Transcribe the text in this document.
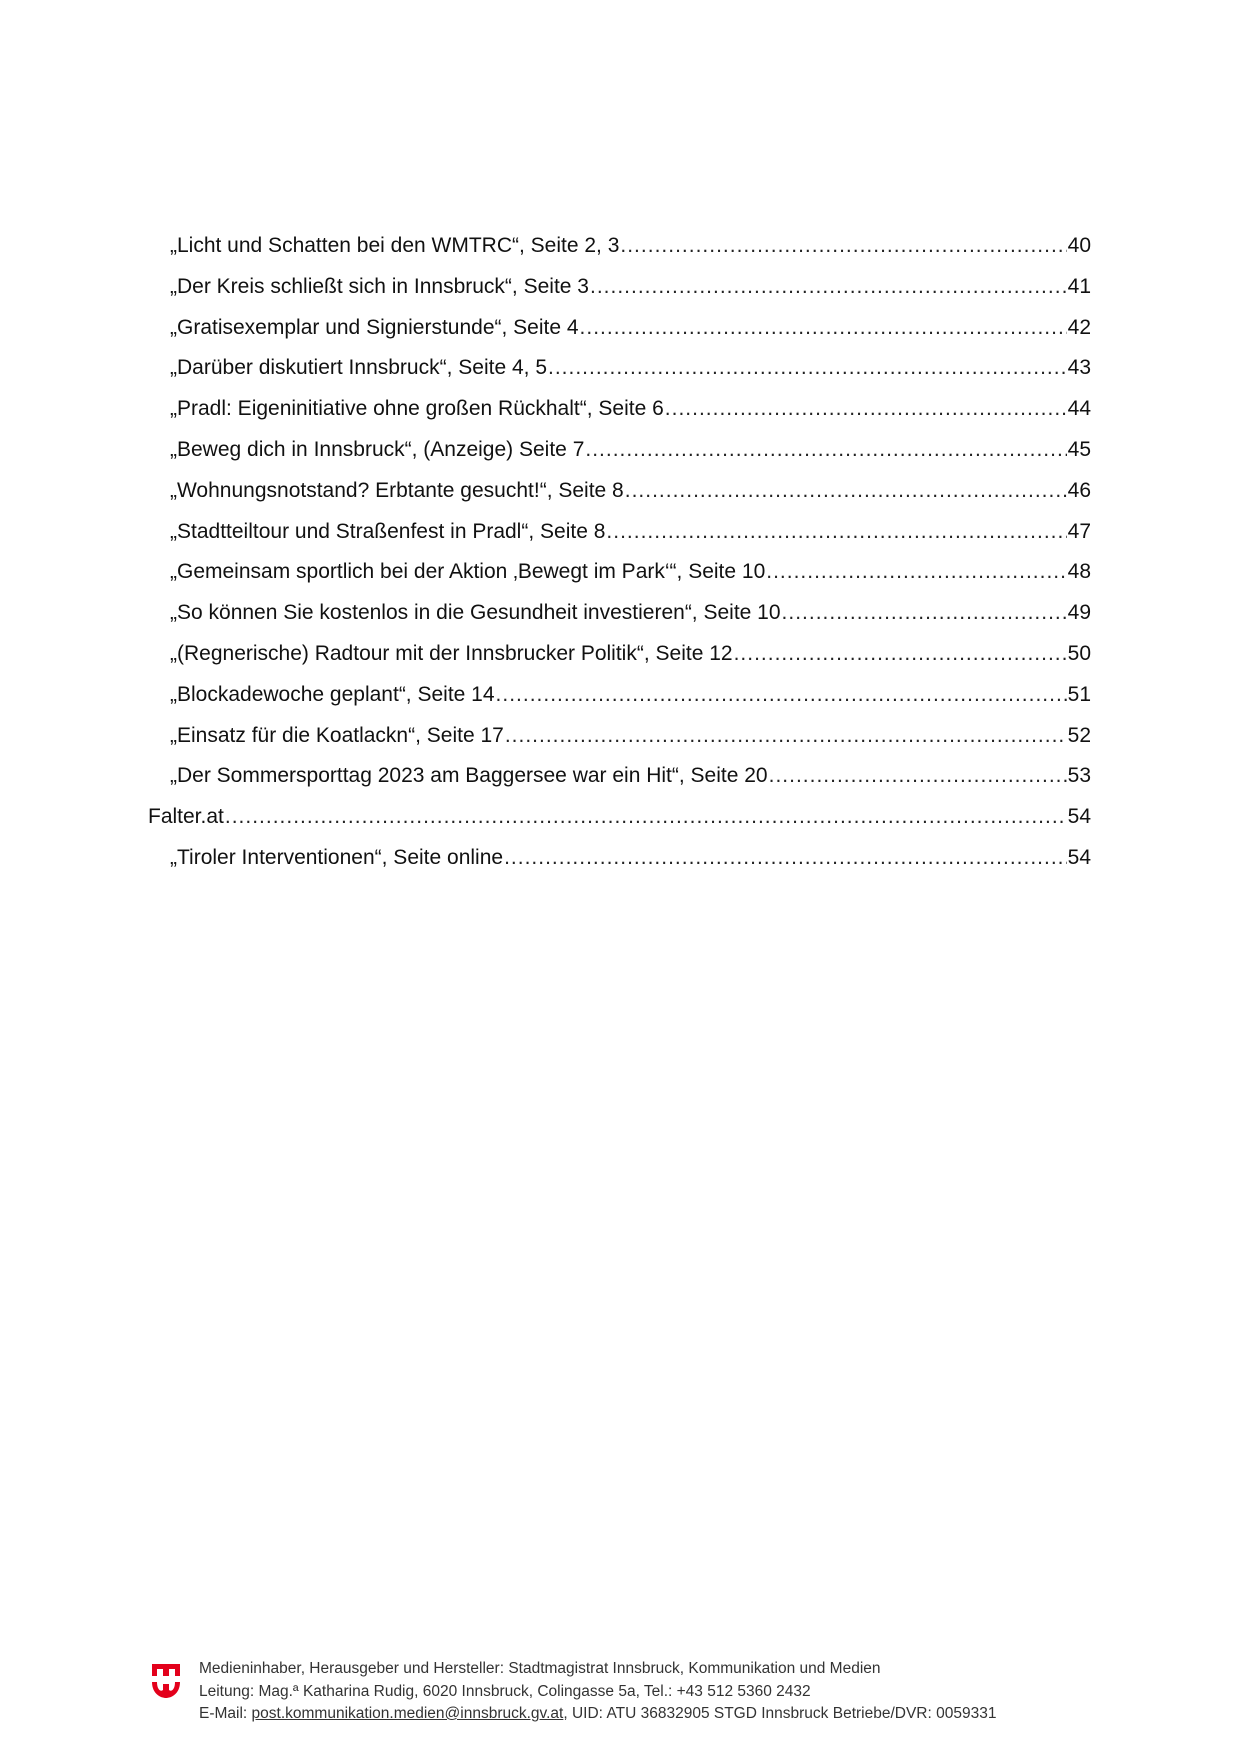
„Licht und Schatten bei den WMTRC“, Seite 2, 3 .....	40
„Der Kreis schließt sich in Innsbruck“, Seite 3 .....	41
„Gratisexemplar und Signierstunde“, Seite 4 .....	42
„Darüber diskutiert Innsbruck“, Seite 4, 5 .....	43
„Pradl: Eigeninitiative ohne großen Rückhalt“, Seite 6 .....	44
„Beweg dich in Innsbruck“, (Anzeige) Seite 7 .....	45
„Wohnungsnotstand? Erbtante gesucht!“, Seite 8 .....	46
„Stadtteiltour und Straßenfest in Pradl“, Seite 8 .....	47
„Gemeinsam sportlich bei der Aktion ‚Bewegt im Park‘“, Seite 10 .....	48
„So können Sie kostenlos in die Gesundheit investieren“, Seite 10 .....	49
„(Regnerische) Radtour mit der Innsbrucker Politik“, Seite 12 .....	50
„Blockadewoche geplant“, Seite 14 .....	51
„Einsatz für die Koatlackn“, Seite 17 .....	52
„Der Sommersporttag 2023 am Baggersee war ein Hit“, Seite 20 .....	53
Falter.at .....	54
„Tiroler Interventionen“, Seite online .....	54
Medieninhaber, Herausgeber und Hersteller: Stadtmagistrat Innsbruck, Kommunikation und Medien
Leitung: Mag.ª Katharina Rudig, 6020 Innsbruck, Colingasse 5a, Tel.: +43 512 5360 2432
E-Mail: post.kommunikation.medien@innsbruck.gv.at, UID: ATU 36832905 STGD Innsbruck Betriebe/DVR: 0059331
